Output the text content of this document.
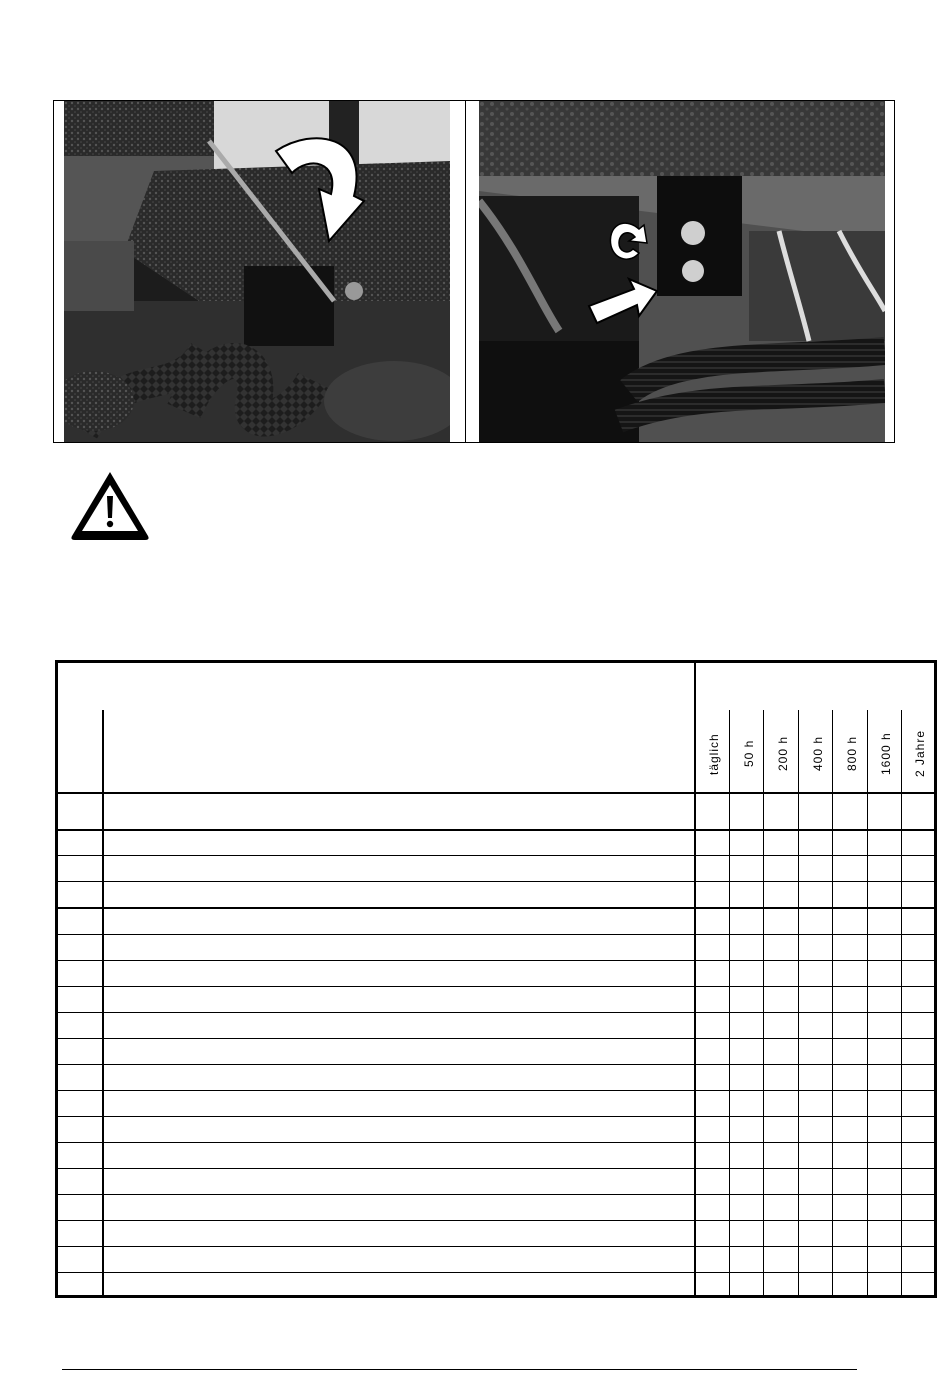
täglich 50 h 200 h 400 h 800 h 1600 h 2 Jahre
